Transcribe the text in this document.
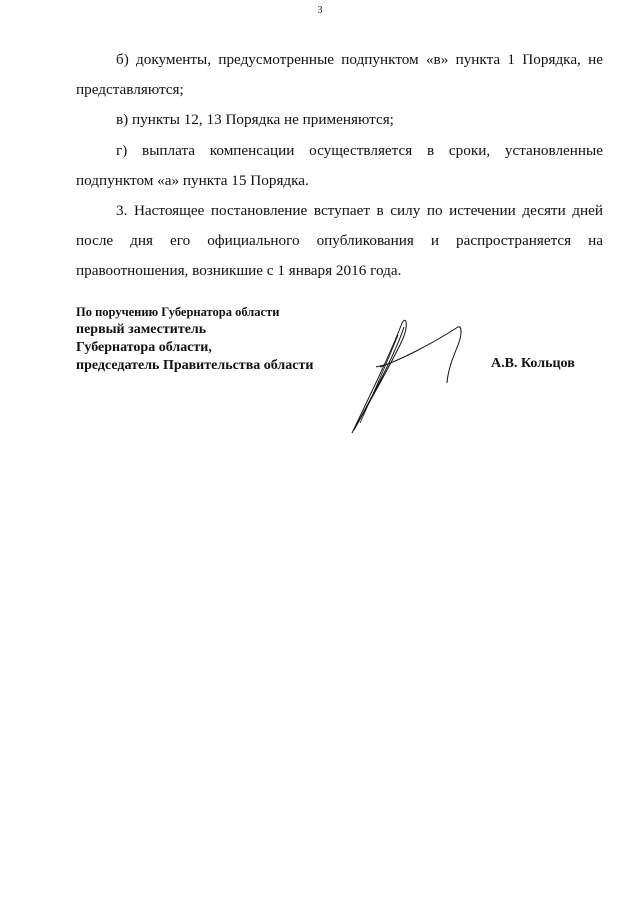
3

б) документы, предусмотренные подпунктом «в» пункта 1 Порядка, не представляются;

в) пункты 12, 13 Порядка не применяются;

г) выплата компенсации осуществляется в сроки, установленные подпунктом «а» пункта 15 Порядка.

3. Настоящее постановление вступает в силу по истечении десяти дней после дня его официального опубликования и распространяется на правоотношения, возникшие с 1 января 2016 года.

По поручению Губернатора области
первый заместитель
Губернатора области,
председатель Правительства области	А.В. Кольцов
